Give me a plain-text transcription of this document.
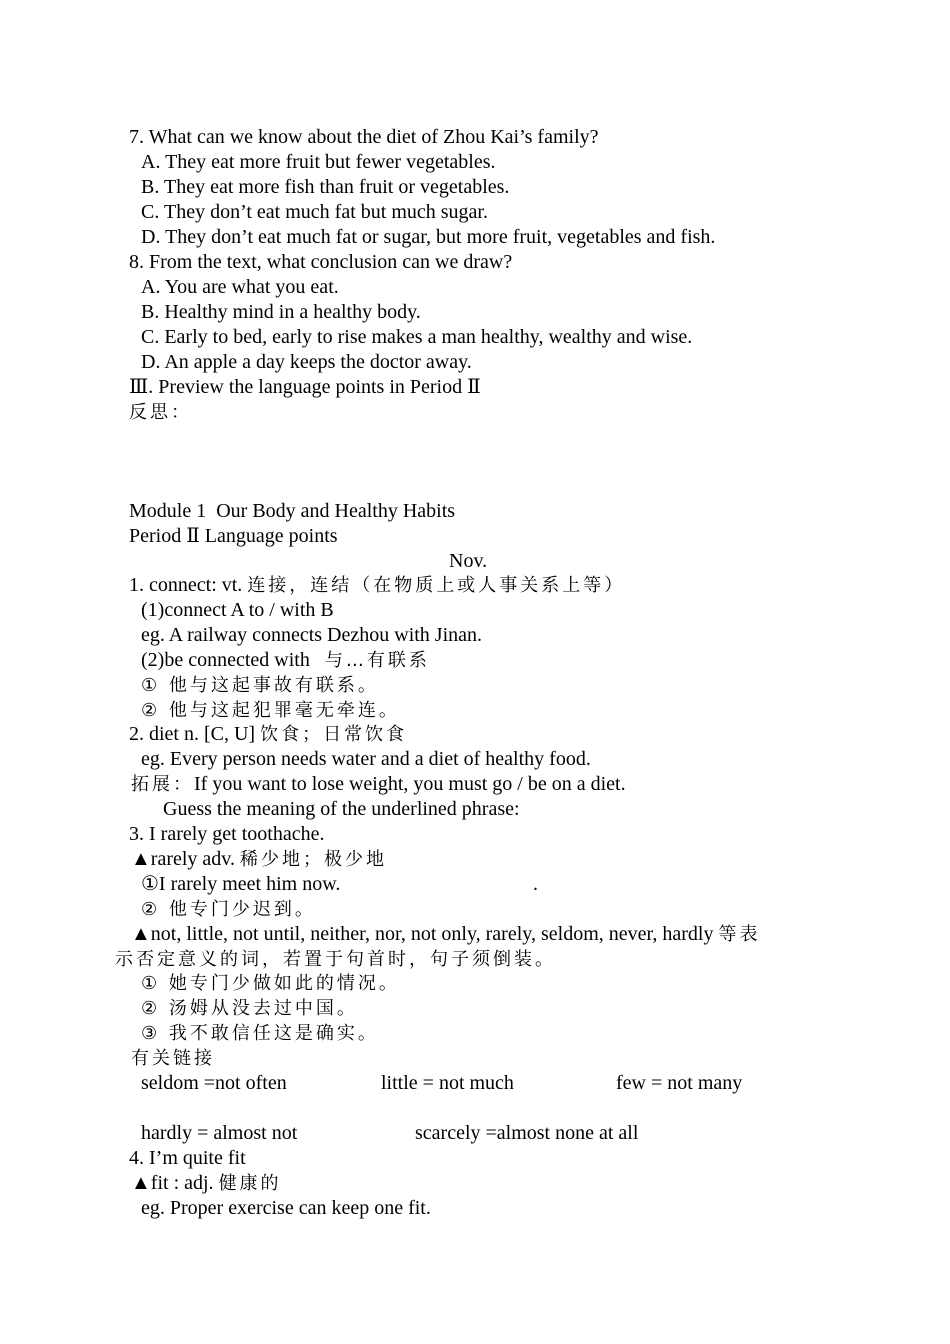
7. What can we know about the diet of Zhou Kai’s family?
A. They eat more fruit but fewer vegetables.
B. They eat more fish than fruit or vegetables.
C. They don’t eat much fat but much sugar.
D. They don’t eat much fat or sugar, but more fruit, vegetables and fish.
8. From the text, what conclusion can we draw?
A. You are what you eat.
B. Healthy mind in a healthy body.
C. Early to bed, early to rise makes a man healthy, wealthy and wise.
D. An apple a day keeps the doctor away.
Ⅲ. Preview the language points in Period Ⅱ
反思：
Module 1  Our Body and Healthy Habits
Period Ⅱ Language points
Nov.
1. connect: vt. 连接，连结（在物质上或人事关系上等）
(1)connect A to / with B
eg. A railway connects Dezhou with Jinan.
(2)be connected with   与…有联系
① 他与这起事故有联系。
② 他与这起犯罪毫无牵连。
2. diet n. [C, U] 饮食；日常饮食
eg. Every person needs water and a diet of healthy food.
拓展：If you want to lose weight, you must go / be on a diet.
Guess the meaning of the underlined phrase:
3. I rarely get toothache.
▲rarely adv. 稀少地；极少地
①I rarely meet him now.	.
② 他专门少迟到。
▲not, little, not until, neither, nor, not only, rarely, seldom, never, hardly 等表
示否定意义的词，若置于句首时，句子须倒装。
① 她专门少做如此的情况。
② 汤姆从没去过中国。
③ 我不敢信任这是确实。
有关链接
seldom =not often	little = not much	few = not many
hardly = almost not	scarcely =almost none at all
4. I’m quite fit
▲fit : adj. 健康的
eg. Proper exercise can keep one fit.
